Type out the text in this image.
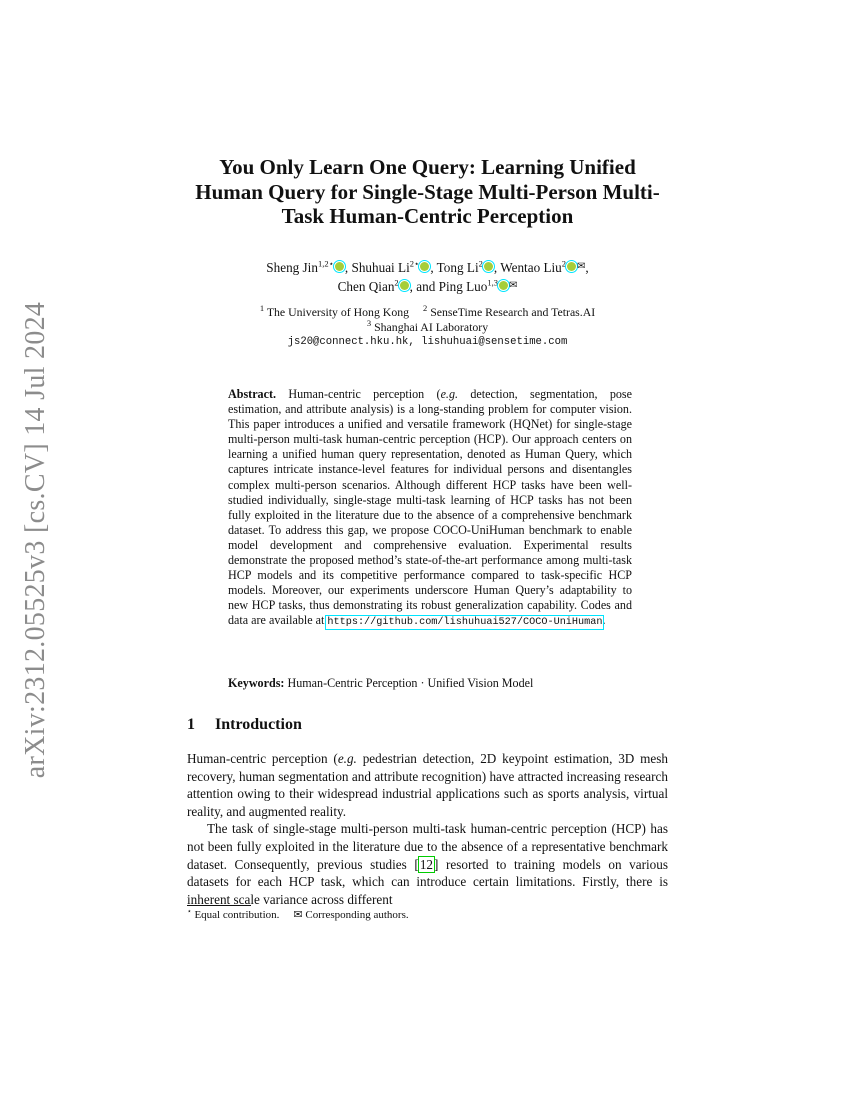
arXiv:2312.05525v3 [cs.CV] 14 Jul 2024
You Only Learn One Query: Learning Unified Human Query for Single-Stage Multi-Person Multi-Task Human-Centric Perception
Sheng Jin$^{1,2⋆}$ , Shuhuai $Li^{2⋆}$ , Tong Li$^2$ , Wentao Liu$^2$ ✉,
Chen Qian$^2$ , and Ping Luo$^{1,3}$ ✉
$^1$ The University of Hong Kong $^2$ SenseTime Research and Tetras.AI
$^3$ Shanghai AI Laboratory
js20@connect.hku.hk, lishuhuai@sensetime.com

Abstract. Human-centric perception (e.g. detection, segmentation, pose estimation, and attribute analysis) is a long-standing problem for computer vision. This paper introduces a unified and versatile framework (HQNet) for single-stage multi-person multi-task human-centric perception (HCP). Our approach centers on learning a unified human query representation, denoted as Human Query, which captures intricate instance-level features for individual persons and disentangles complex multi-person scenarios. Although different HCP tasks have been well-studied individually, single-stage multi-task learning of HCP tasks has not been fully exploited in the literature due to the absence of a comprehensive benchmark dataset. To address this gap, we propose COCO-UniHuman benchmark to enable model development and comprehensive evaluation. Experimental results demonstrate the proposed method’s state-of-the-art performance among multi-task HCP models and its competitive performance compared to task-specific HCP models. Moreover, our experiments underscore Human Query’s adaptability to new HCP tasks, thus demonstrating its robust generalization capability. Codes and data are available at https://github.com/lishuhuai527/COCO-UniHuman.

Keywords: Human-Centric Perception · Unified Vision Model
1 Introduction

Human-centric perception (e.g. pedestrian detection, 2D keypoint estimation, 3D mesh recovery, human segmentation and attribute recognition) have attracted increasing research attention owing to their widespread industrial applications such as sports analysis, virtual reality, and augmented reality.

The task of single-stage multi-person multi-task human-centric perception (HCP) has not been fully exploited in the literature due to the absence of a representative benchmark dataset. Consequently, previous studies [12] resorted to training models on various datasets for each HCP task, which can introduce certain limitations. Firstly, there is inherent scale variance across different

⋆ Equal contribution. ✉ Corresponding authors.
